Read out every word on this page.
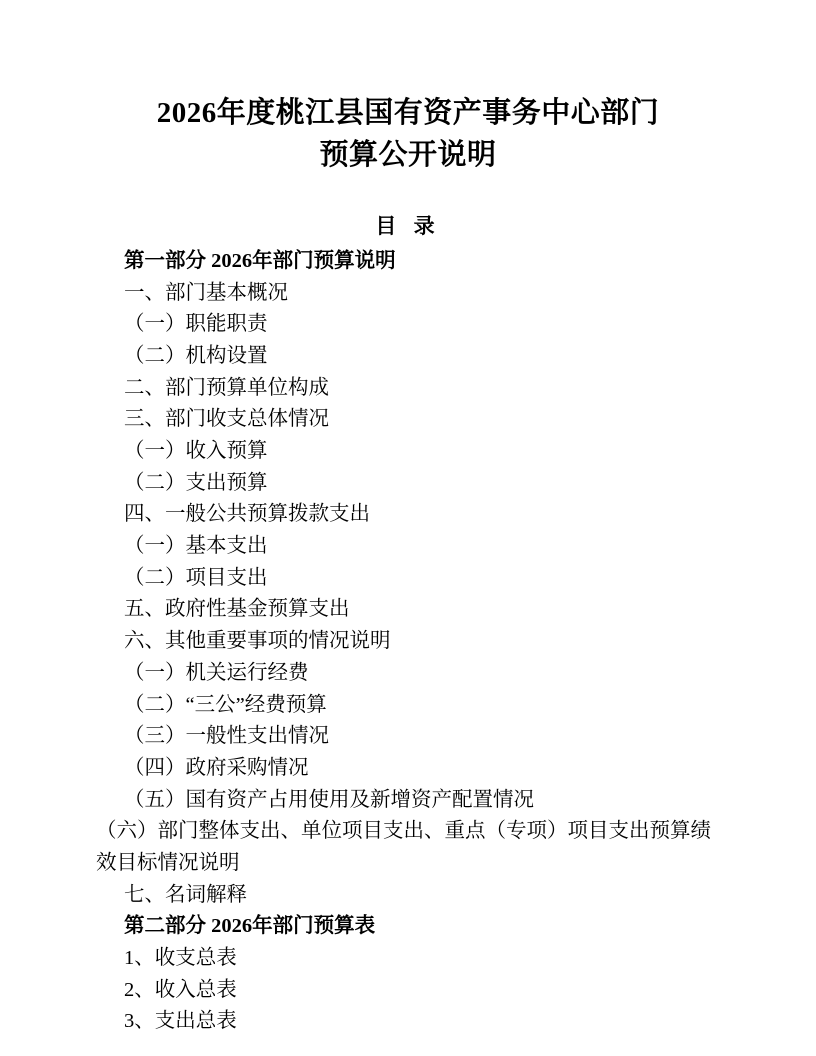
2026年度桃江县国有资产事务中心部门
预算公开说明
目 录
第一部分 2026年部门预算说明
一、部门基本概况
（一）职能职责
（二）机构设置
二、部门预算单位构成
三、部门收支总体情况
（一）收入预算
（二）支出预算
四、一般公共预算拨款支出
（一）基本支出
（二）项目支出
五、政府性基金预算支出
六、其他重要事项的情况说明
（一）机关运行经费
（二）“三公”经费预算
（三）一般性支出情况
（四）政府采购情况
（五）国有资产占用使用及新增资产配置情况
（六）部门整体支出、单位项目支出、重点（专项）项目支出预算绩效目标情况说明
七、名词解释
第二部分 2026年部门预算表
1、收支总表
2、收入总表
3、支出总表
